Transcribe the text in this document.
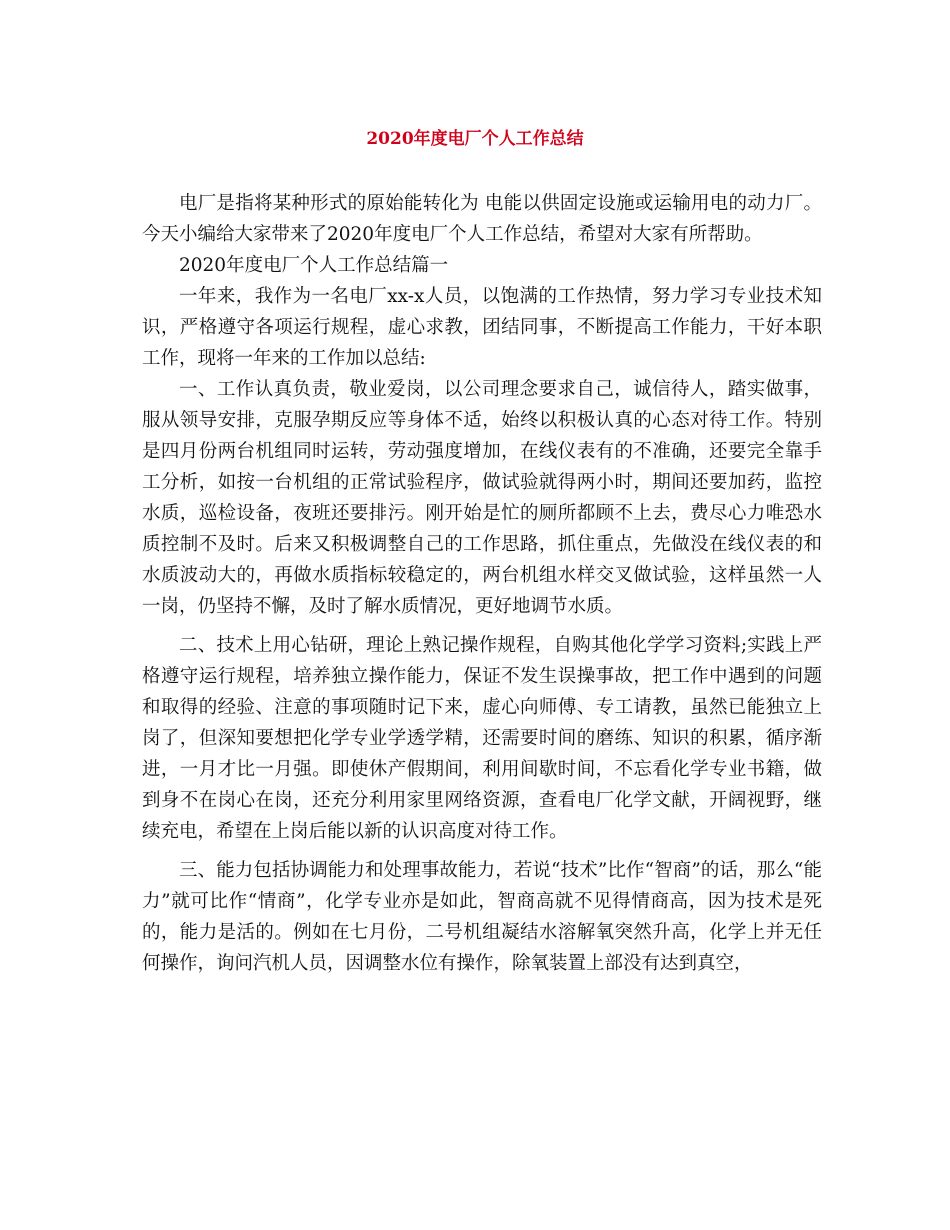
2020年度电厂个人工作总结

电厂是指将某种形式的原始能转化为 电能以供固定设施或运输用电的动力厂。今天小编给大家带来了2020年度电厂个人工作总结，希望对大家有所帮助。

2020年度电厂个人工作总结篇一

一年来，我作为一名电厂xx-x人员，以饱满的工作热情，努力学习专业技术知识，严格遵守各项运行规程，虚心求教，团结同事，不断提高工作能力，干好本职工作，现将一年来的工作加以总结:

一、工作认真负责，敬业爱岗，以公司理念要求自己，诚信待人，踏实做事，服从领导安排，克服孕期反应等身体不适，始终以积极认真的心态对待工作。特别是四月份两台机组同时运转，劳动强度增加，在线仪表有的不准确，还要完全靠手工分析，如按一台机组的正常试验程序，做试验就得两小时，期间还要加药，监控水质，巡检设备，夜班还要排污。刚开始是忙的厕所都顾不上去，费尽心力唯恐水质控制不及时。后来又积极调整自己的工作思路，抓住重点，先做没在线仪表的和水质波动大的，再做水质指标较稳定的，两台机组水样交叉做试验，这样虽然一人一岗，仍坚持不懈，及时了解水质情况，更好地调节水质。

二、技术上用心钻研，理论上熟记操作规程，自购其他化学学习资料;实践上严格遵守运行规程，培养独立操作能力，保证不发生误操事故，把工作中遇到的问题和取得的经验、注意的事项随时记下来，虚心向师傅、专工请教，虽然已能独立上岗了，但深知要想把化学专业学透学精，还需要时间的磨练、知识的积累，循序渐进，一月才比一月强。即使休产假期间，利用间歇时间，不忘看化学专业书籍，做到身不在岗心在岗，还充分利用家里网络资源，查看电厂化学文献，开阔视野，继续充电，希望在上岗后能以新的认识高度对待工作。

三、能力包括协调能力和处理事故能力，若说“技术”比作“智商”的话，那么“能力”就可比作“情商”，化学专业亦是如此，智商高就不见得情商高，因为技术是死的，能力是活的。例如在七月份，二号机组凝结水溶解氧突然升高，化学上并无任何操作，询问汽机人员，因调整水位有操作，除氧装置上部没有达到真空，
